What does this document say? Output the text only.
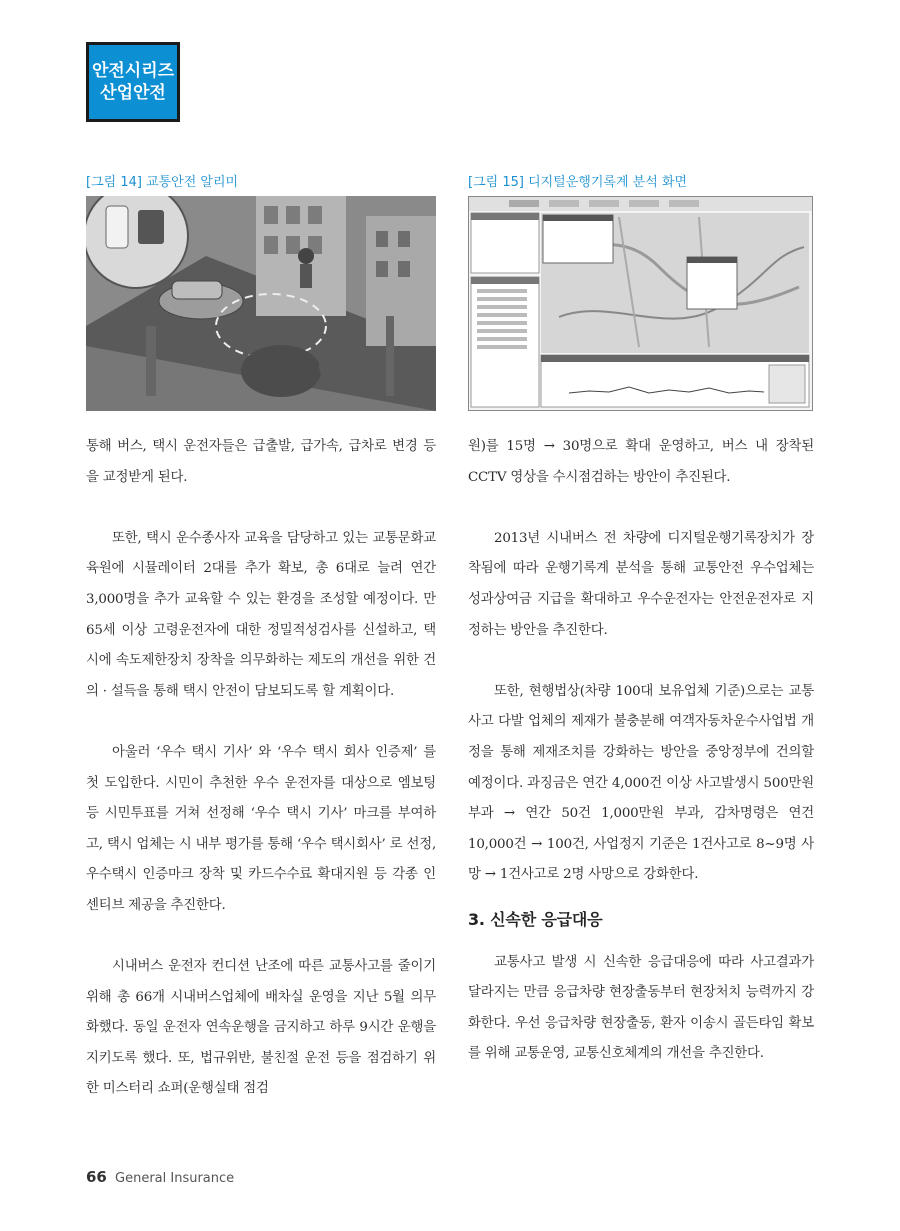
안전시리즈
산업안전
[그림 14] 교통안전 알리미	[그림 15] 디지털운행기록계 분석 화면

통해 버스, 택시 운전자들은 급출발, 급가속, 급차로 변경 등을 교정받게 된다.

또한, 택시 운수종사자 교육을 담당하고 있는 교통문화교육원에 시뮬레이터 2대를 추가 확보, 총 6대로 늘려 연간 3,000명을 추가 교육할 수 있는 환경을 조성할 예정이다. 만 65세 이상 고령운전자에 대한 정밀적성검사를 신설하고, 택시에 속도제한장치 장착을 의무화하는 제도의 개선을 위한 건의 · 설득을 통해 택시 안전이 담보되도록 할 계획이다.

아울러 ‘우수 택시 기사’ 와 ‘우수 택시 회사 인증제’ 를 첫 도입한다. 시민이 추천한 우수 운전자를 대상으로 엠보팅 등 시민투표를 거쳐 선정해 ‘우수 택시 기사’ 마크를 부여하고, 택시 업체는 시 내부 평가를 통해 ‘우수 택시회사’ 로 선정, 우수택시 인증마크 장착 및 카드수수료 확대지원 등 각종 인센티브 제공을 추진한다.

시내버스 운전자 컨디션 난조에 따른 교통사고를 줄이기 위해 총 66개 시내버스업체에 배차실 운영을 지난 5월 의무화했다. 동일 운전자 연속운행을 금지하고 하루 9시간 운행을 지키도록 했다. 또, 법규위반, 불친절 운전 등을 점검하기 위한 미스터리 쇼퍼(운행실태 점검

원)를 15명 → 30명으로 확대 운영하고, 버스 내 장착된 CCTV 영상을 수시점검하는 방안이 추진된다.

2013년 시내버스 전 차량에 디지털운행기록장치가 장착됨에 따라 운행기록계 분석을 통해 교통안전 우수업체는 성과상여금 지급을 확대하고 우수운전자는 안전운전자로 지정하는 방안을 추진한다.

또한, 현행법상(차량 100대 보유업체 기준)으로는 교통사고 다발 업체의 제재가 불충분해 여객자동차운수사업법 개정을 통해 제재조치를 강화하는 방안을 중앙정부에 건의할 예정이다. 과징금은 연간 4,000건 이상 사고발생시 500만원 부과 → 연간 50건 1,000만원 부과, 감차명령은 연건 10,000건 → 100건, 사업정지 기준은 1건사고로 8~9명 사망 → 1건사고로 2명 사망으로 강화한다.

3. 신속한 응급대응

교통사고 발생 시 신속한 응급대응에 따라 사고결과가 달라지는 만큼 응급차량 현장출동부터 현장처치 능력까지 강화한다. 우선 응급차량 현장출동, 환자 이송시 골든타임 확보를 위해 교통운영, 교통신호체계의 개선을 추진한다.

66 General Insurance
